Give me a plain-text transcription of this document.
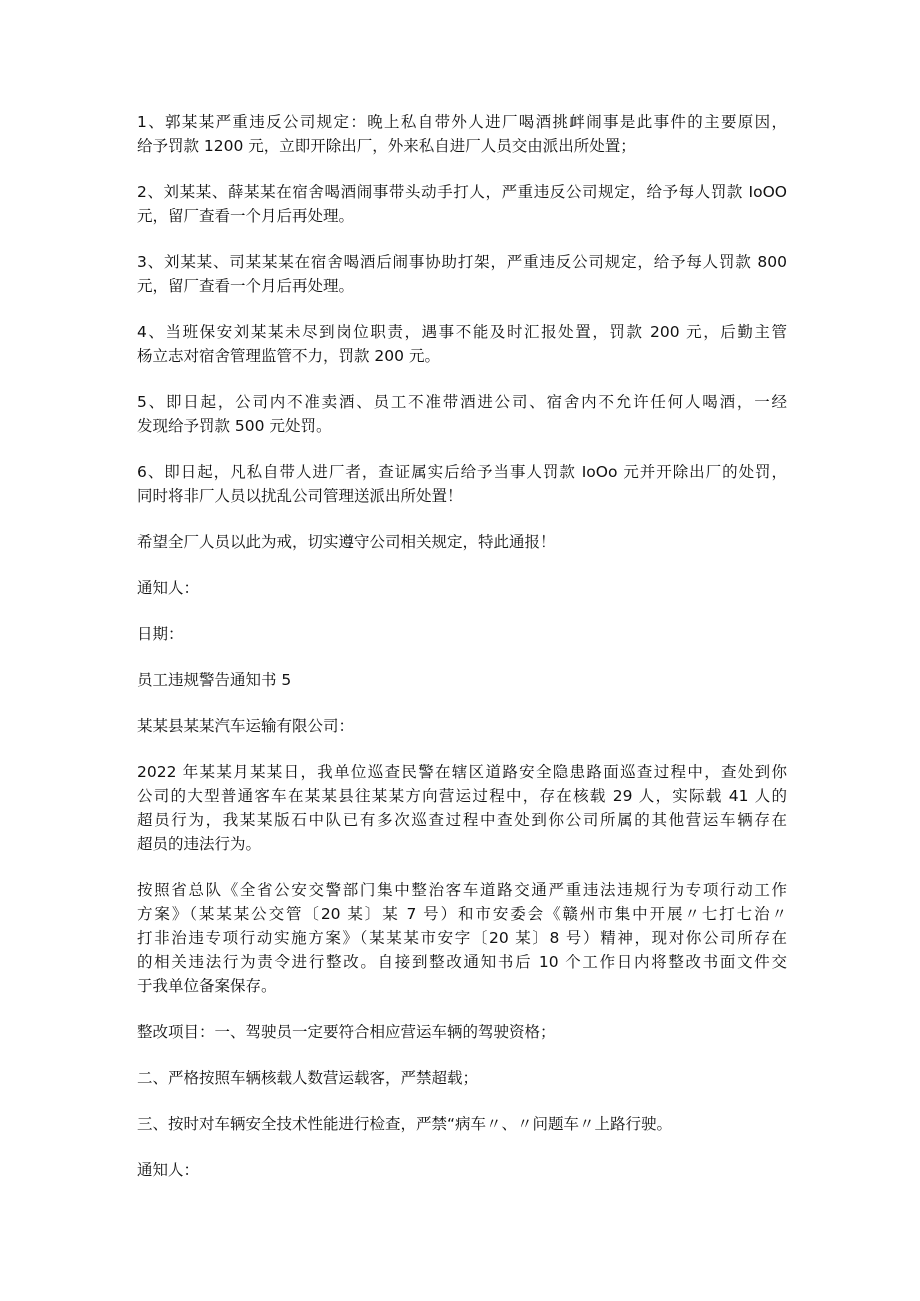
1、郭某某严重违反公司规定：晚上私自带外人进厂喝酒挑衅闹事是此事件的主要原因，
给予罚款 1200 元，立即开除出厂，外来私自进厂人员交由派出所处置；

2、刘某某、薛某某在宿舍喝酒闹事带头动手打人，严重违反公司规定，给予每人罚款 IoOO
元，留厂查看一个月后再处理。

3、刘某某、司某某某在宿舍喝酒后闹事协助打架，严重违反公司规定，给予每人罚款 800
元，留厂查看一个月后再处理。

4、当班保安刘某某未尽到岗位职责，遇事不能及时汇报处置，罚款 200 元，后勤主管
杨立志对宿舍管理监管不力，罚款 200 元。

5、即日起，公司内不准卖酒、员工不准带酒进公司、宿舍内不允许任何人喝酒，一经
发现给予罚款 500 元处罚。

6、即日起，凡私自带人进厂者，查证属实后给予当事人罚款 IoOo 元并开除出厂的处罚，
同时将非厂人员以扰乱公司管理送派出所处置！

希望全厂人员以此为戒，切实遵守公司相关规定，特此通报！

通知人：

日期：

员工违规警告通知书 5

某某县某某汽车运输有限公司：

2022 年某某月某某日，我单位巡查民警在辖区道路安全隐患路面巡查过程中，查处到你
公司的大型普通客车在某某县往某某方向营运过程中，存在核载 29 人，实际载 41 人的
超员行为，我某某版石中队已有多次巡查过程中查处到你公司所属的其他营运车辆存在
超员的违法行为。

按照省总队《全省公安交警部门集中整治客车道路交通严重违法违规行为专项行动工作
方案》（某某某公交管〔20 某〕某 7 号）和市安委会《赣州市集中开展〃七打七治〃
打非治违专项行动实施方案》（某某某市安字〔20 某〕8 号）精神，现对你公司所存在
的相关违法行为责令进行整改。自接到整改通知书后 10 个工作日内将整改书面文件交
于我单位备案保存。

整改项目：一、驾驶员一定要符合相应营运车辆的驾驶资格；

二、严格按照车辆核载人数营运载客，严禁超载；

三、按时对车辆安全技术性能进行检查，严禁“病车〃、〃问题车〃上路行驶。

通知人：
